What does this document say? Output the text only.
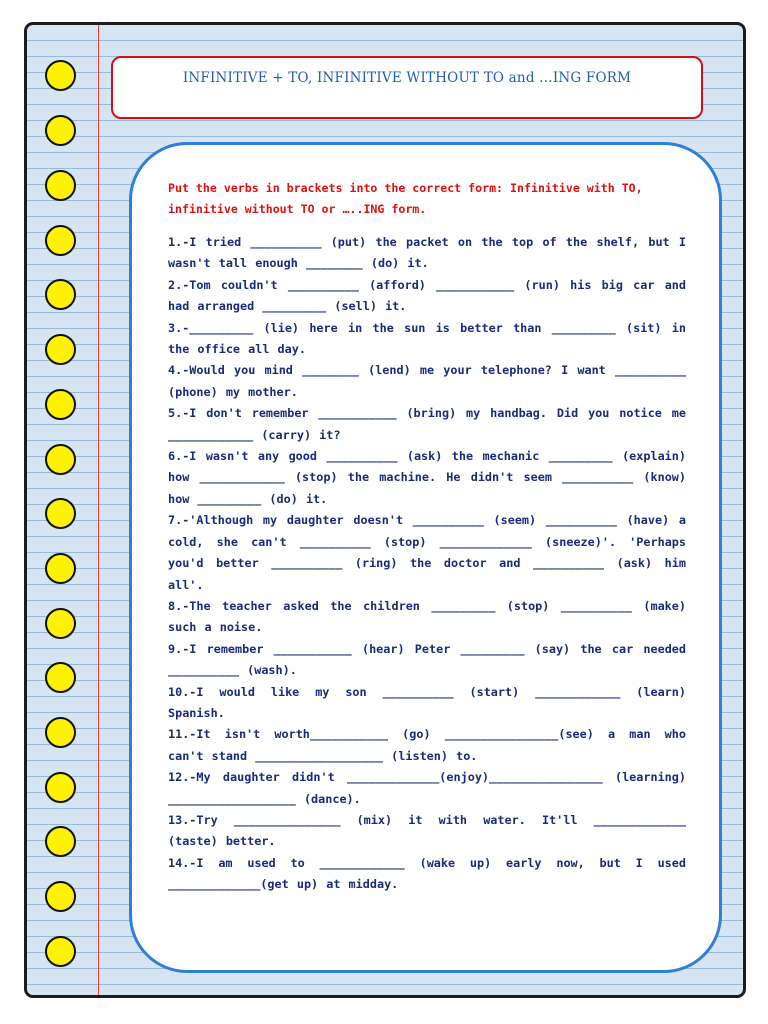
INFINITIVE + TO, INFINITIVE WITHOUT TO and …ING FORM
Put the verbs in brackets into the correct form: Infinitive with TO, infinitive without TO or …..ING form.
1.-I tried __________ (put) the packet on the top of the shelf, but I wasn't tall enough ________ (do) it.
2.-Tom couldn't __________ (afford) ___________ (run) his big car and had arranged _________ (sell) it.
3.-_________ (lie) here in the sun is better than _________ (sit) in the office all day.
4.-Would you mind ________ (lend) me your telephone? I want __________ (phone) my mother.
5.-I don't remember ___________ (bring) my handbag. Did you notice me ____________ (carry) it?
6.-I wasn't any good __________ (ask) the mechanic _________ (explain) how ____________ (stop) the machine. He didn't seem __________ (know) how _________ (do) it.
7.-'Although my daughter doesn't __________ (seem) __________ (have) a cold, she can't __________ (stop) _____________ (sneeze)'. 'Perhaps you'd better __________ (ring) the doctor and __________ (ask) him all'.
8.-The teacher asked the children _________ (stop) __________ (make) such a noise.
9.-I remember ___________ (hear) Peter _________ (say) the car needed __________ (wash).
10.-I would like my son __________ (start) ____________ (learn) Spanish.
11.-It isn't worth___________ (go) ________________(see) a man who can't stand __________________ (listen) to.
12.-My daughter didn't _____________(enjoy)________________ (learning) __________________ (dance).
13.-Try _______________ (mix) it with water. It'll _____________ (taste) better.
14.-I am used to ____________ (wake up) early now, but I used _____________(get up) at midday.
